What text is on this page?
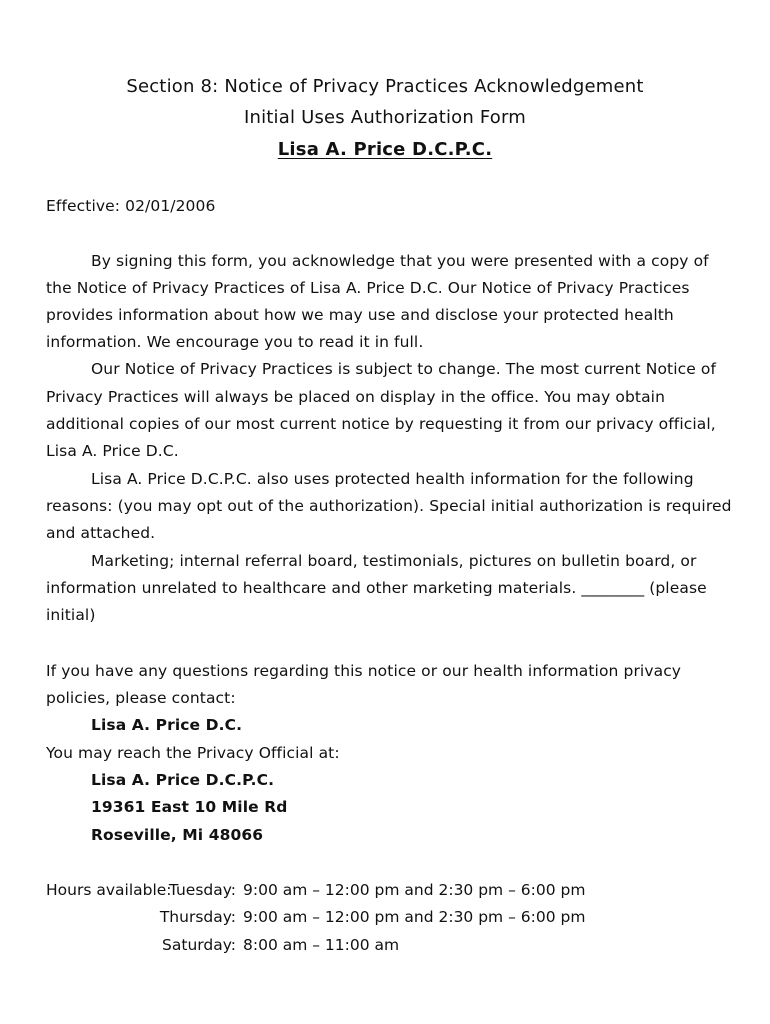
Section 8: Notice of Privacy Practices Acknowledgement
Initial Uses Authorization Form
Lisa A. Price D.C.P.C.
Effective: 02/01/2006
By signing this form, you acknowledge that you were presented with a copy of
the Notice of Privacy Practices of Lisa A. Price D.C. Our Notice of Privacy Practices
provides information about how we may use and disclose your protected health
information. We encourage you to read it in full.
Our Notice of Privacy Practices is subject to change. The most current Notice of
Privacy Practices will always be placed on display in the office. You may obtain
additional copies of our most current notice by requesting it from our privacy official,
Lisa A. Price D.C.
Lisa A. Price D.C.P.C. also uses protected health information for the following
reasons: (you may opt out of the authorization). Special initial authorization is required
and attached.
Marketing; internal referral board, testimonials, pictures on bulletin board, or
information unrelated to healthcare and other marketing materials. ________ (please
initial)
If you have any questions regarding this notice or our health information privacy
policies, please contact:
Lisa A. Price D.C.
You may reach the Privacy Official at:
Lisa A. Price D.C.P.C.
19361 East 10 Mile Rd
Roseville, Mi 48066
Hours available:
Tuesday: 9:00 am – 12:00 pm and 2:30 pm – 6:00 pm
Thursday: 9:00 am – 12:00 pm and 2:30 pm – 6:00 pm
Saturday: 8:00 am – 11:00 am
